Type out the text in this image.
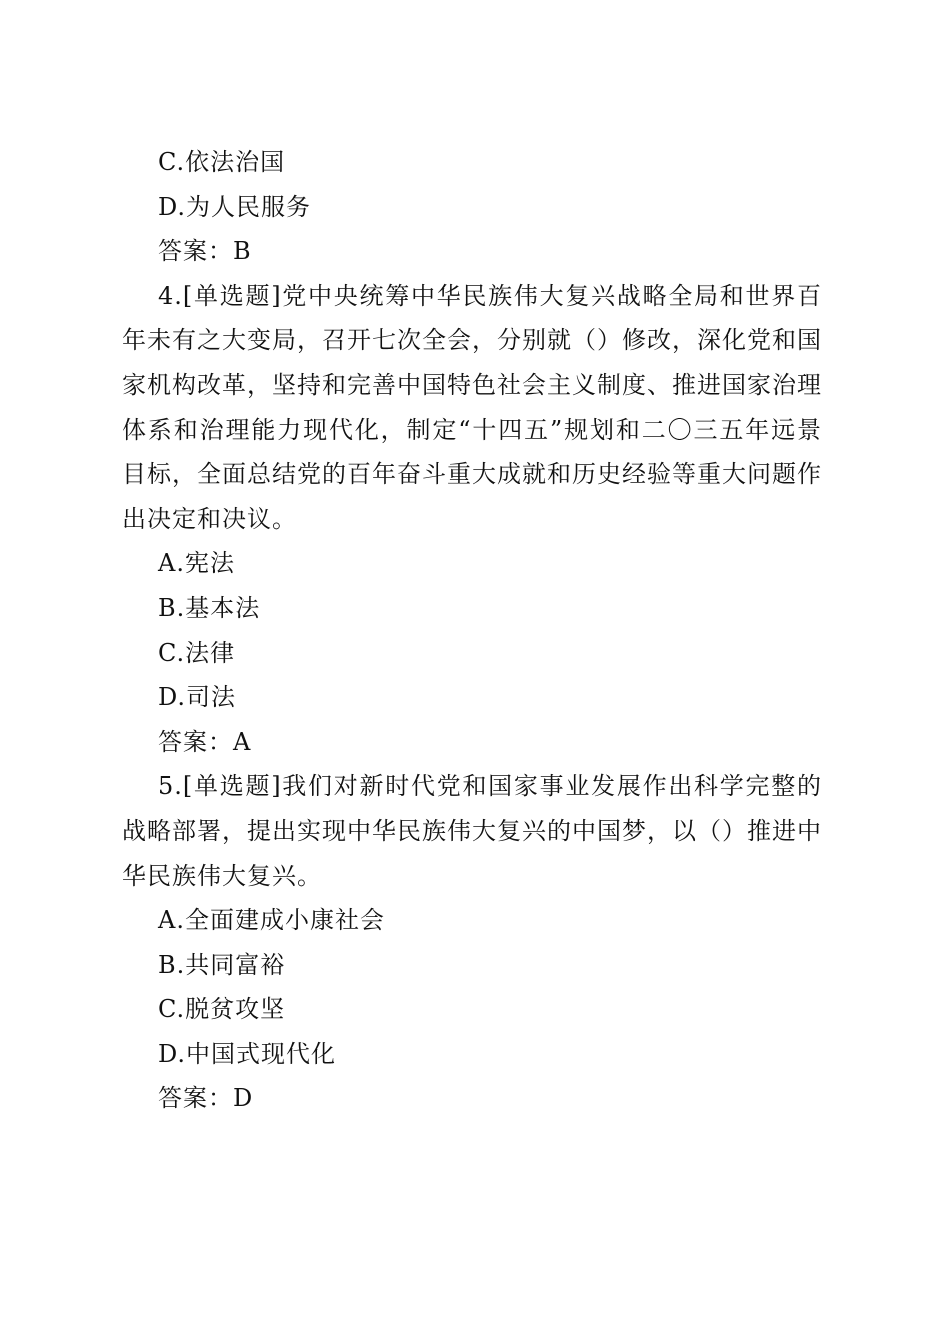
C.依法治国
D.为人民服务
答案：B
4.[单选题]党中央统筹中华民族伟大复兴战略全局和世界百年未有之大变局，召开七次全会，分别就（）修改，深化党和国家机构改革，坚持和完善中国特色社会主义制度、推进国家治理体系和治理能力现代化，制定“十四五”规划和二〇三五年远景目标，全面总结党的百年奋斗重大成就和历史经验等重大问题作出决定和决议。
A.宪法
B.基本法
C.法律
D.司法
答案：A
5.[单选题]我们对新时代党和国家事业发展作出科学完整的战略部署，提出实现中华民族伟大复兴的中国梦，以（）推进中华民族伟大复兴。
A.全面建成小康社会
B.共同富裕
C.脱贫攻坚
D.中国式现代化
答案：D
